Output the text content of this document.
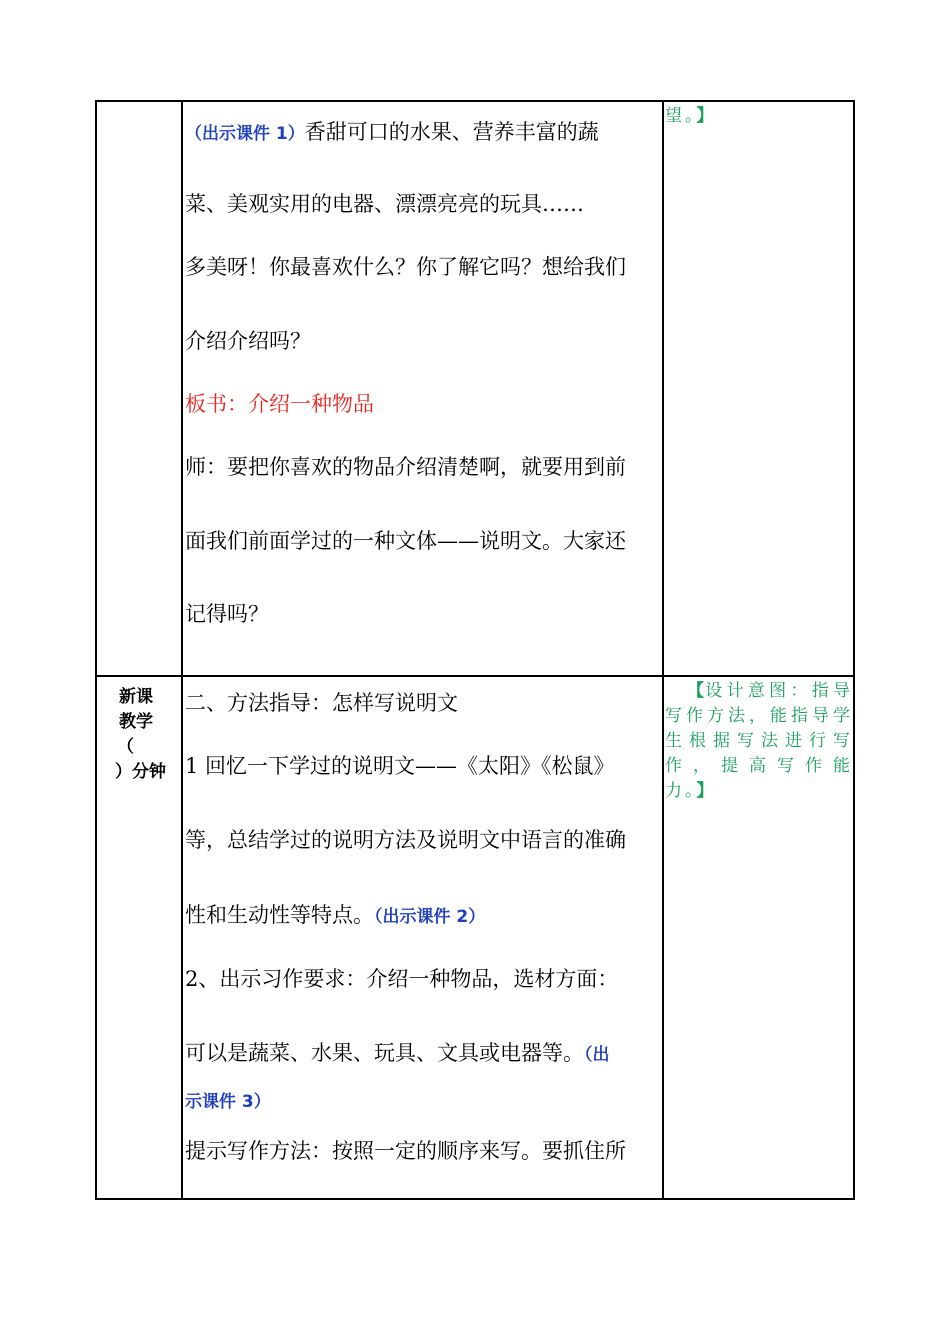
（出示课件 1）香甜可口的水果、营养丰富的蔬
菜、美观实用的电器、漂漂亮亮的玩具……
多美呀！你最喜欢什么？你了解它吗？想给我们
介绍介绍吗？
板书：介绍一种物品
师：要把你喜欢的物品介绍清楚啊，就要用到前
面我们前面学过的一种文体——说明文。大家还
记得吗？
望。】
新课
教学
（
）分钟
二、方法指导：怎样写说明文
1 回忆一下学过的说明文——《太阳》《松鼠》
等，总结学过的说明方法及说明文中语言的准确
性和生动性等特点。（出示课件 2）
2、出示习作要求：介绍一种物品，选材方面：
可以是蔬菜、水果、玩具、文具或电器等。（出
示课件 3）
提示写作方法：按照一定的顺序来写。要抓住所
【设计意图：指导
写作方法，能指导学
生根据写法进行写
作，提高写作能
力。】
